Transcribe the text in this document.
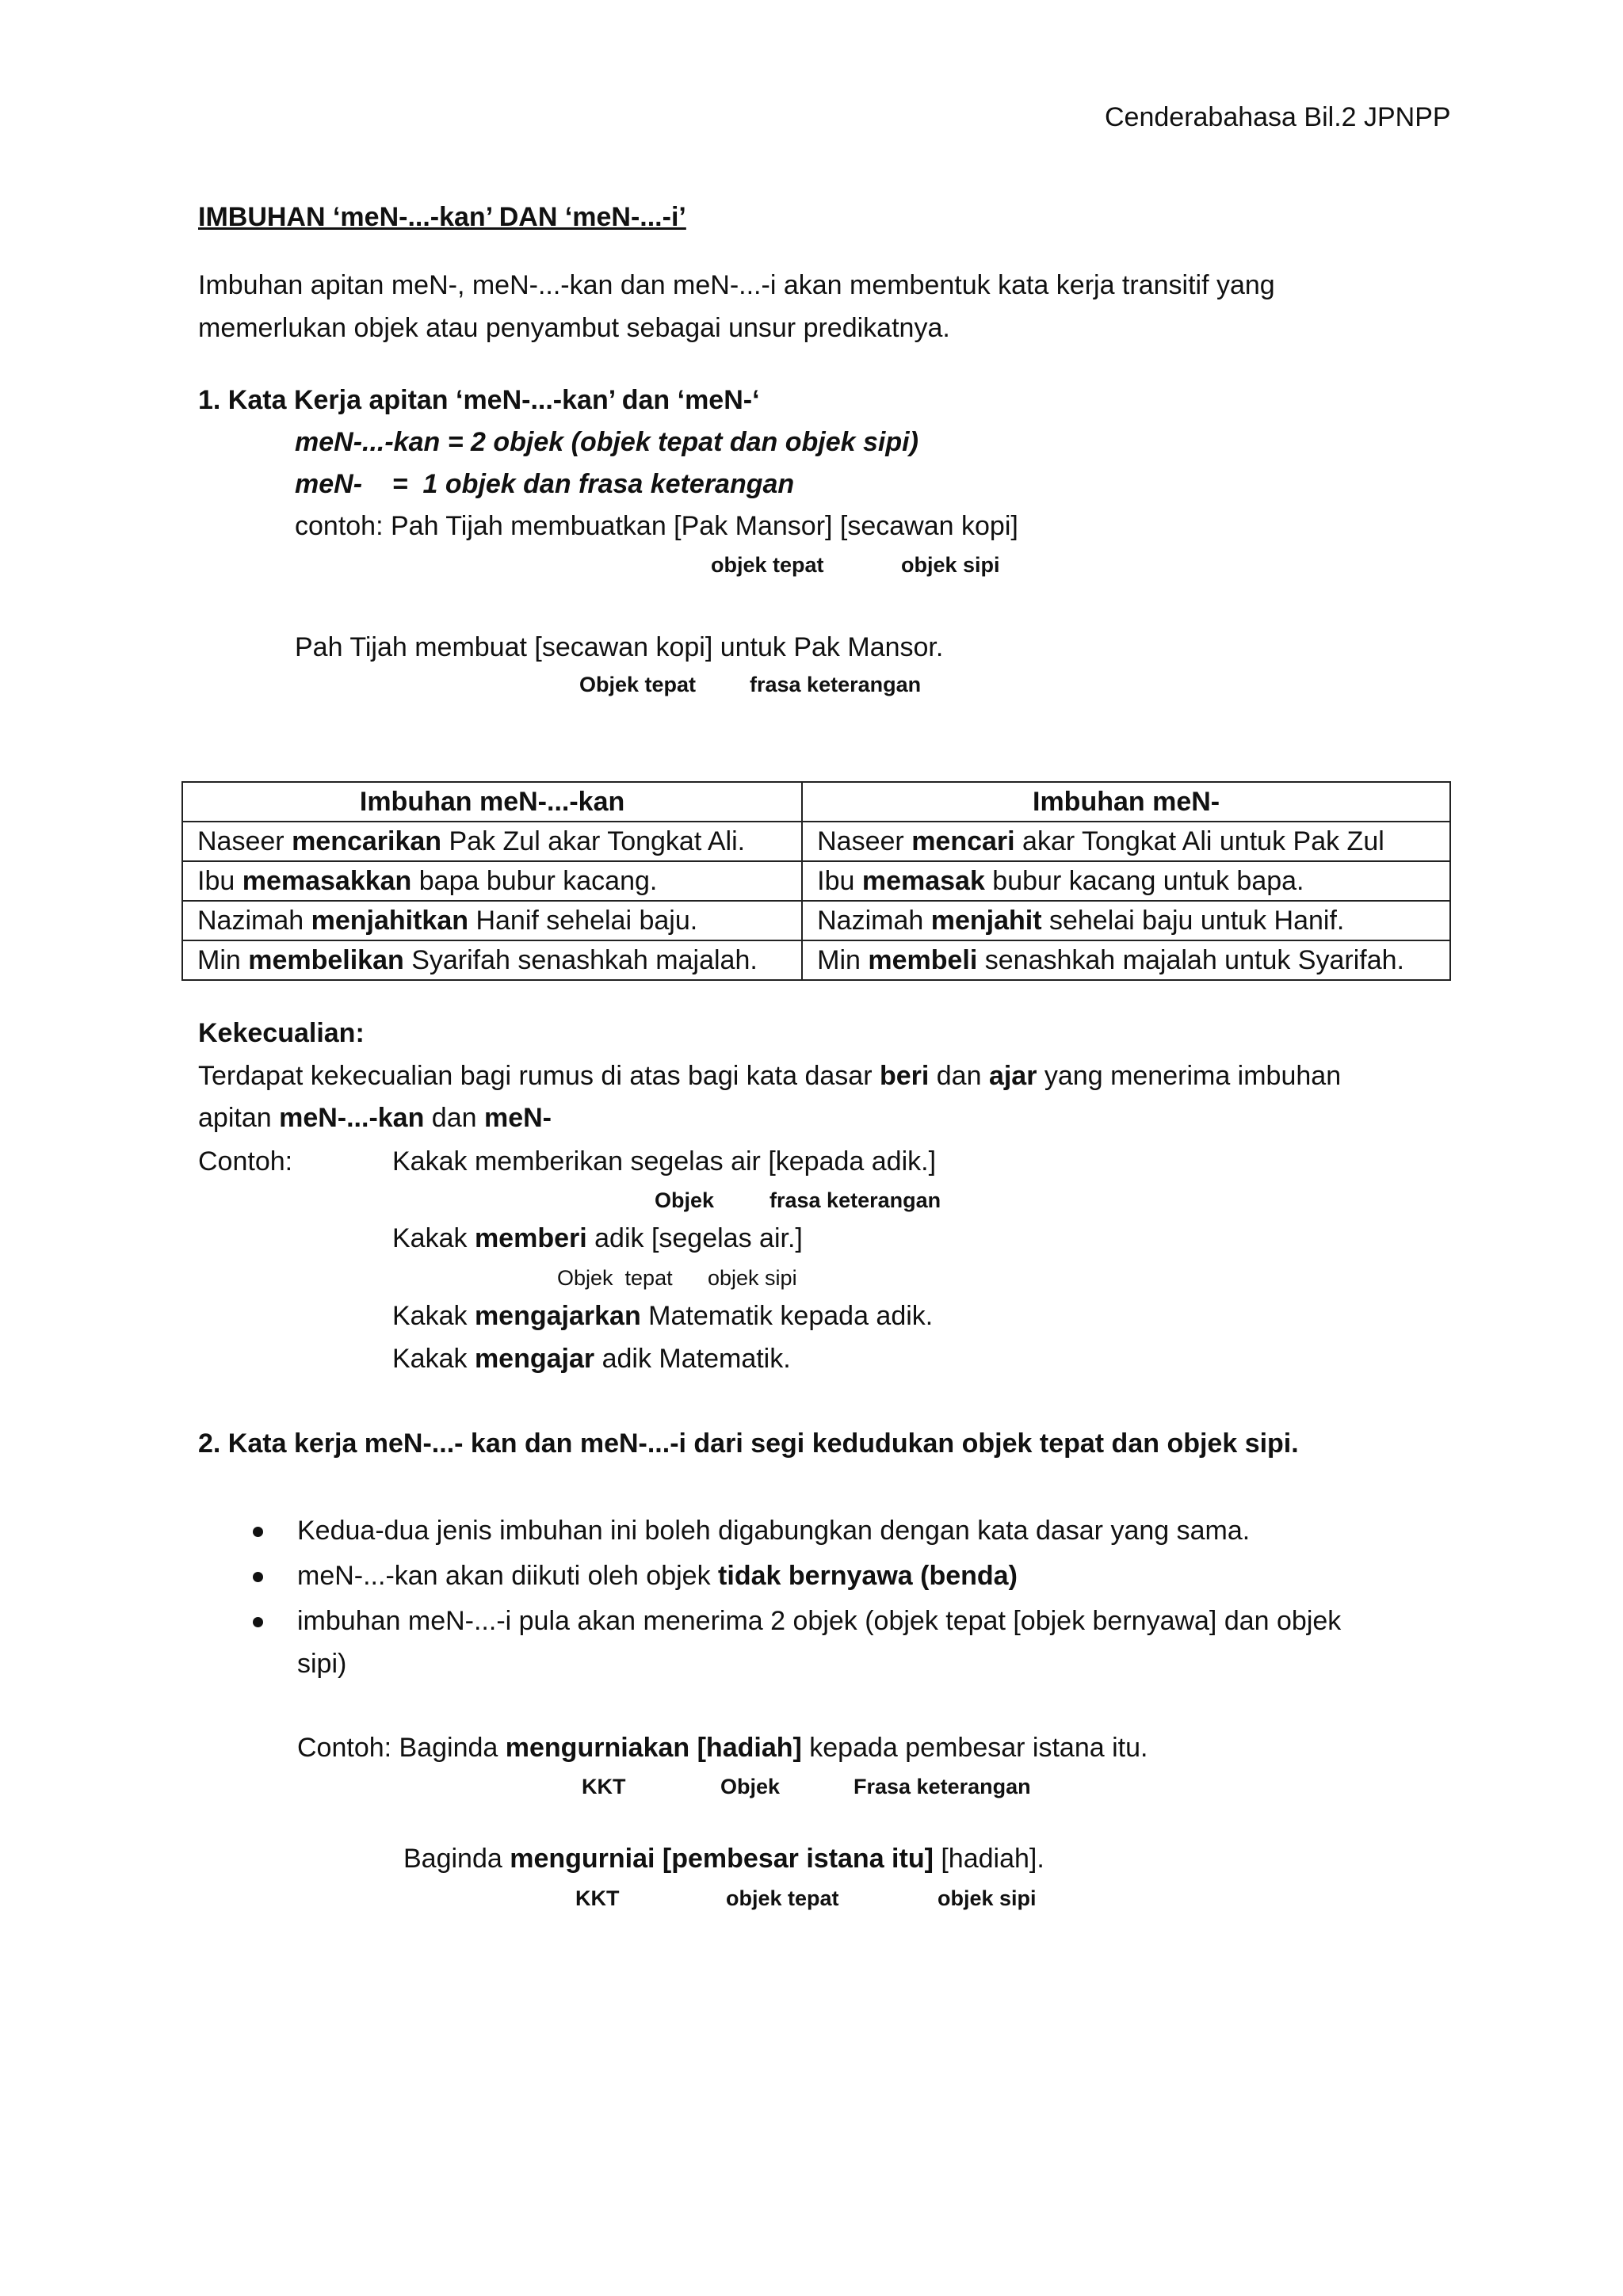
Cenderabahasa Bil.2 JPNPP
IMBUHAN ‘meN-...-kan’ DAN ‘meN-...-i’
Imbuhan apitan meN-, meN-...-kan dan meN-...-i akan membentuk kata kerja transitif yang
memerlukan objek atau penyambut sebagai unsur predikatnya.
1. Kata Kerja apitan ‘meN-...-kan’ dan ‘meN-‘
meN-...-kan = 2 objek (objek tepat dan objek sipi)
meN-    =  1 objek dan frasa keterangan
contoh: Pah Tijah membuatkan [Pak Mansor] [secawan kopi]
objek tepat	objek sipi
Pah Tijah membuat [secawan kopi] untuk Pak Mansor.
Objek tepat	frasa keterangan
Imbuhan meN-...-kan	Imbuhan meN-
Naseer mencarikan Pak Zul akar Tongkat Ali.	Naseer mencari akar Tongkat Ali untuk Pak Zul
Ibu memasakkan bapa bubur kacang.	Ibu memasak bubur kacang untuk bapa.
Nazimah menjahitkan Hanif sehelai baju.	Nazimah menjahit sehelai baju untuk Hanif.
Min membelikan Syarifah senashkah majalah.	Min membeli senashkah majalah untuk Syarifah.
Kekecualian:
Terdapat kekecualian bagi rumus di atas bagi kata dasar beri dan ajar yang menerima imbuhan
apitan meN-...-kan dan meN-
Contoh:	Kakak memberikan segelas air [kepada adik.]
Objek	frasa keterangan
Kakak memberi adik [segelas air.]
Objek  tepat objek sipi
Kakak mengajarkan Matematik kepada adik.
Kakak mengajar adik Matematik.
2. Kata kerja meN-...- kan dan meN-...-i dari segi kedudukan objek tepat dan objek sipi.
Kedua-dua jenis imbuhan ini boleh digabungkan dengan kata dasar yang sama.
meN-...-kan akan diikuti oleh objek tidak bernyawa (benda)
imbuhan meN-...-i pula akan menerima 2 objek (objek tepat [objek bernyawa] dan objek
sipi)
Contoh: Baginda mengurniakan [hadiah] kepada pembesar istana itu.
KKT	Objek	Frasa keterangan
Baginda mengurniai [pembesar istana itu] [hadiah].
KKT	objek tepat	objek sipi
